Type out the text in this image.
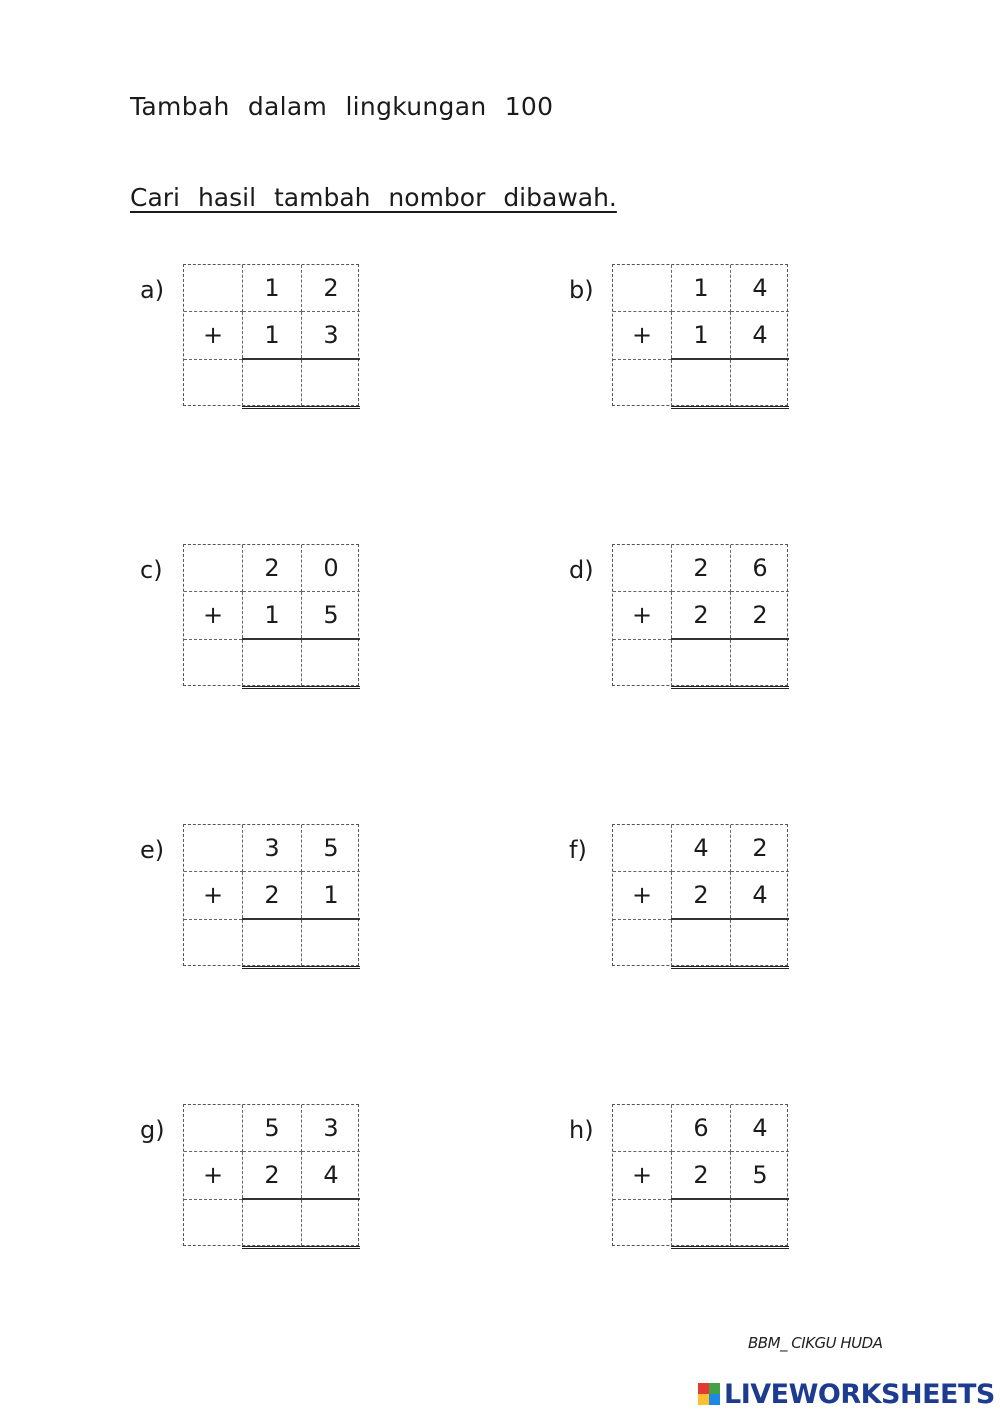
Tambah dalam lingkungan 100
Cari hasil tambah nombor dibawah.
a)
		1	2
+	1	3

b)
		1	4
+	1	4

c)
		2	0
+	1	5

d)
		2	6
+	2	2

e)
		3	5
+	2	1

f)
		4	2
+	2	4

g)
		5	3
+	2	4

h)
		6	4
+	2	5

BBM_ CIKGU HUDA
LIVEWORKSHEETS
